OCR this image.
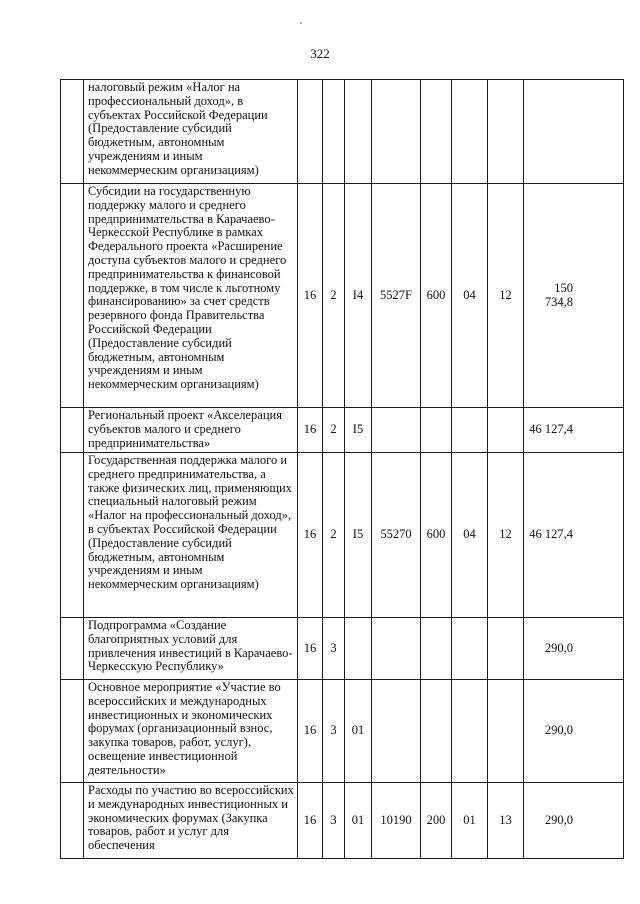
322
	налоговый режим «Налог на профессиональный доход», в субъектах Российской Федерации (Предоставление субсидий бюджетным, автономным учреждениям и иным некоммерческим организациям)								
	Субсидии на государственную поддержку малого и среднего предпринимательства в Карачаево-Черкесской Республике в рамках Федерального проекта «Расширение доступа субъектов малого и среднего предпринимательства к финансовой поддержке, в том числе к льготному финансированию» за счет средств резервного фонда Правительства Российской Федерации (Предоставление субсидий бюджетным, автономным учреждениям и иным некоммерческим организациям)	16	2	I4	5527F	600	04	12	150 734,8
	Региональный проект «Акселерация субъектов малого и среднего предпринимательства»	16	2	I5					46 127,4
	Государственная поддержка малого и среднего предпринимательства, а также физических лиц, применяющих специальный налоговый режим «Налог на профессиональный доход», в субъектах Российской Федерации (Предоставление субсидий бюджетным, автономным учреждениям и иным некоммерческим организациям)	16	2	I5	55270	600	04	12	46 127,4
	Подпрограмма «Создание благоприятных условий для привлечения инвестиций в Карачаево-Черкесскую Республику»	16	3						290,0
	Основное мероприятие «Участие во всероссийских и международных инвестиционных и экономических форумах (организационный взнос, закупка товаров, работ, услуг), освещение инвестиционной деятельности»	16	3	01					290,0
	Расходы по участию во всероссийских и международных инвестиционных и экономических форумах (Закупка товаров, работ и услуг для обеспечения	16	3	01	10190	200	01	13	290,0
